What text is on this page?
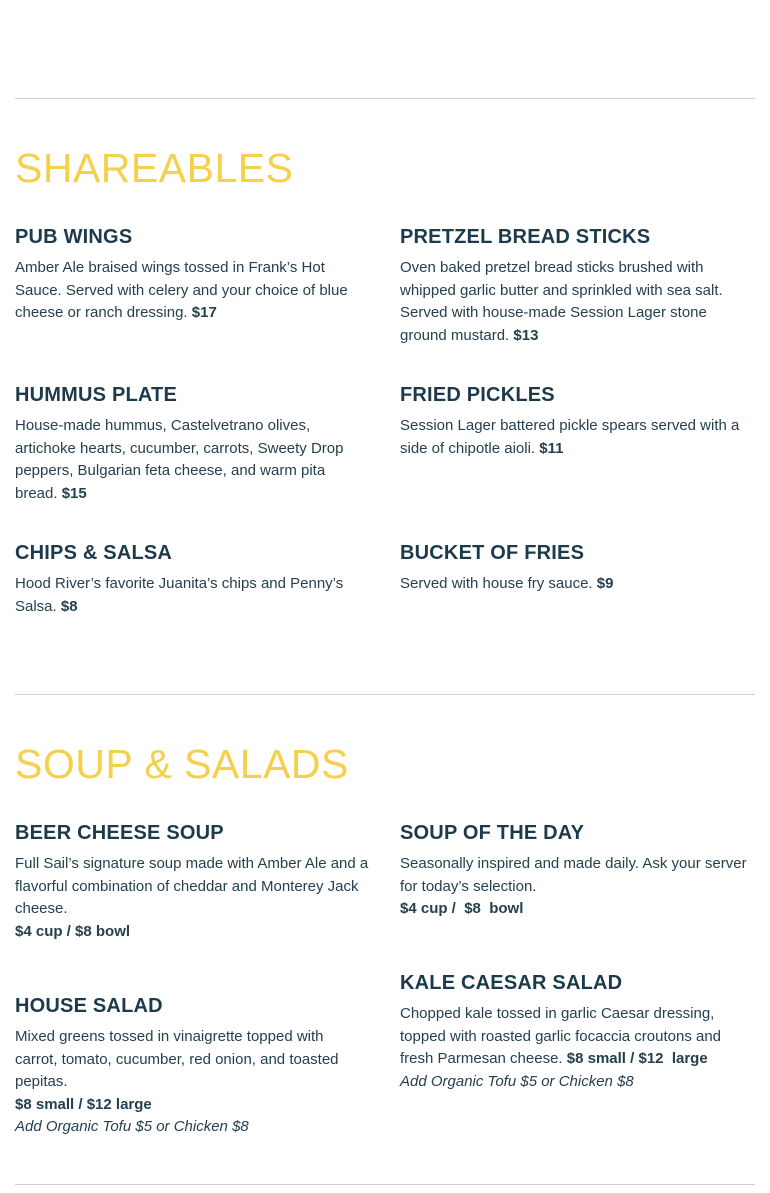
SHAREABLES
PUB WINGS

Amber Ale braised wings tossed in Frank’s Hot Sauce. Served with celery and your choice of blue cheese or ranch dressing. $17

PRETZEL BREAD STICKS

Oven baked pretzel bread sticks brushed with whipped garlic butter and sprinkled with sea salt. Served with house-made Session Lager stone ground mustard. $13

HUMMUS PLATE

House-made hummus, Castelvetrano olives, artichoke hearts, cucumber, carrots, Sweety Drop peppers, Bulgarian feta cheese, and warm pita bread. $15

FRIED PICKLES

Session Lager battered pickle spears served with a side of chipotle aioli. $11

CHIPS & SALSA

Hood River’s favorite Juanita’s chips and Penny’s Salsa. $8

BUCKET OF FRIES

Served with house fry sauce. $9

SOUP & SALADS
BEER CHEESE SOUP

Full Sail’s signature soup made with Amber Ale and a flavorful combination of cheddar and Monterey Jack cheese.
$4 cup / $8 bowl

SOUP OF THE DAY

Seasonally inspired and made daily. Ask your server for today’s selection.
$4 cup /  $8  bowl

KALE CAESAR SALAD

Chopped kale tossed in garlic Caesar dressing, topped with roasted garlic focaccia croutons and fresh Parmesan cheese. $8 small / $12  large
Add Organic Tofu $5 or Chicken $8

HOUSE SALAD

Mixed greens tossed in vinaigrette topped with carrot, tomato, cucumber, red onion, and toasted pepitas.
$8 small / $12 large
Add Organic Tofu $5 or Chicken $8
